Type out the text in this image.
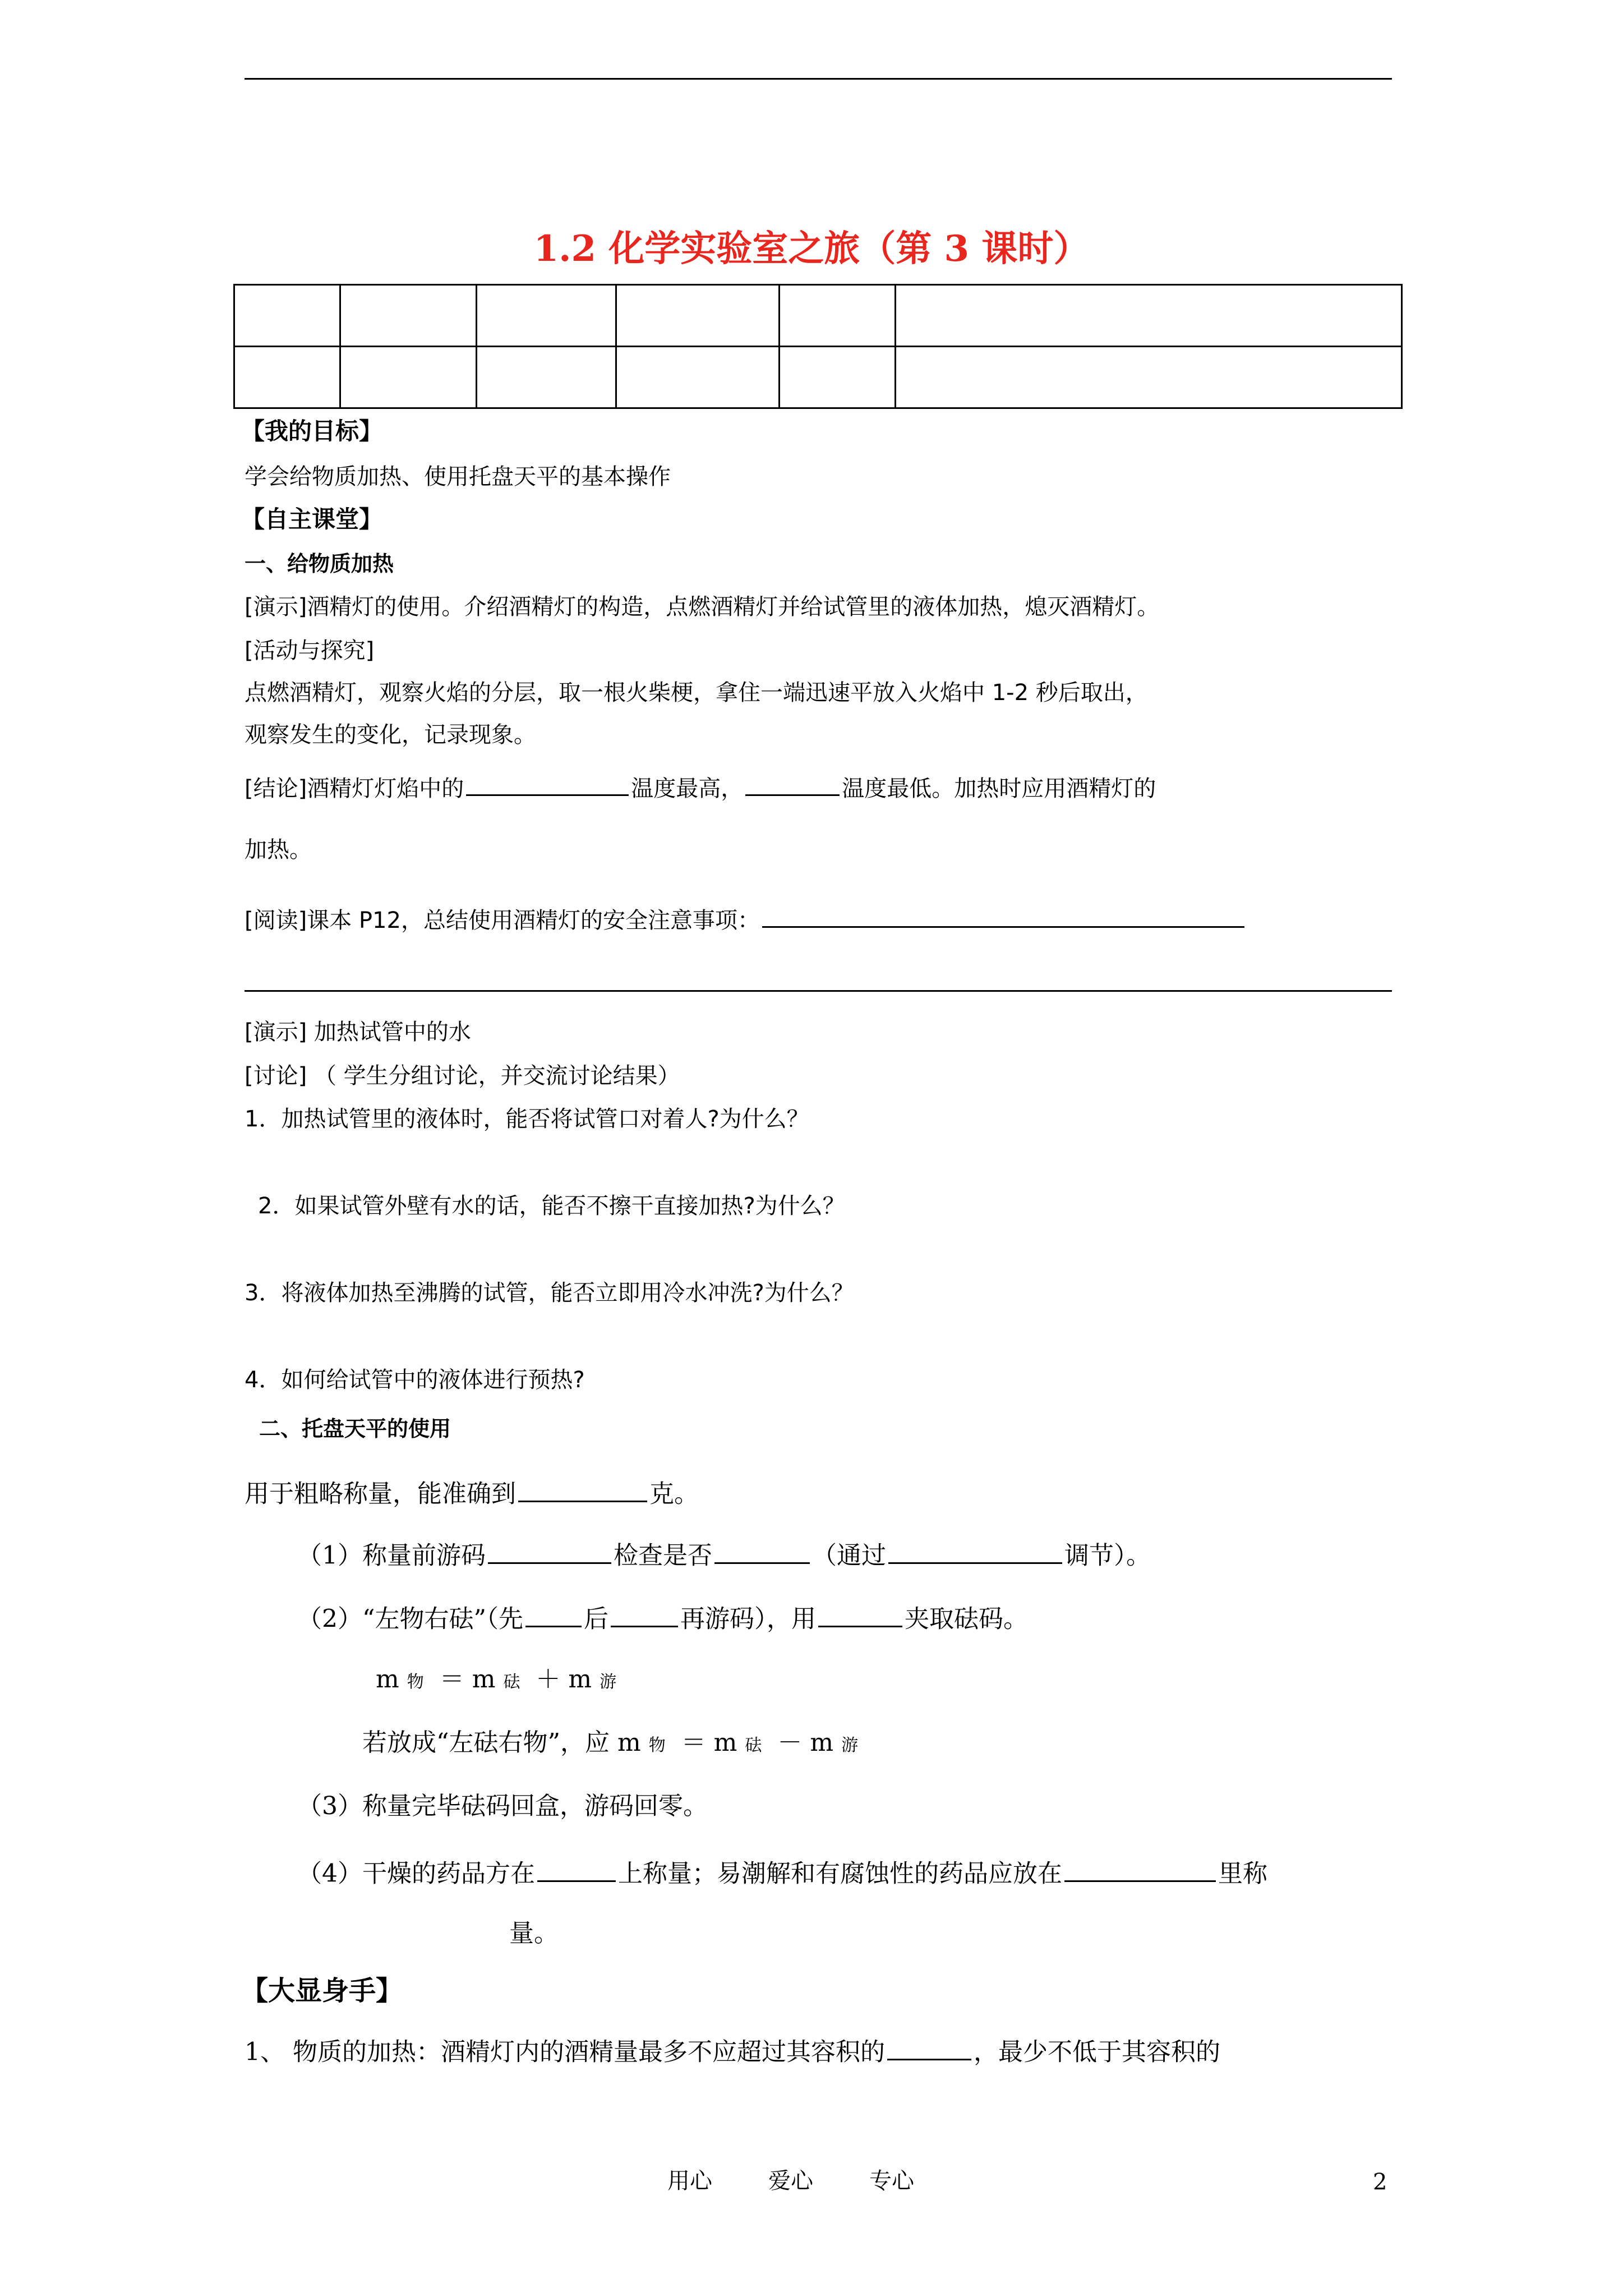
1.2 化学实验室之旅（第 3 课时）

【我的目标】
学会给物质加热、使用托盘天平的基本操作
【自主课堂】
一、给物质加热
[演示]酒精灯的使用。介绍酒精灯的构造，点燃酒精灯并给试管里的液体加热，熄灭酒精灯。
[活动与探究]
点燃酒精灯，观察火焰的分层，取一根火柴梗，拿住一端迅速平放入火焰中 1-2 秒后取出，
观察发生的变化，记录现象。
[结论]酒精灯灯焰中的	温度最高，	温度最低。加热时应用酒精灯的
加热。
[阅读]课本 P12，总结使用酒精灯的安全注意事项：
[演示] 加热试管中的水
[讨论] （ 学生分组讨论，并交流讨论结果）
1．加热试管里的液体时，能否将试管口对着人?为什么？
2．如果试管外壁有水的话，能否不擦干直接加热?为什么？
3．将液体加热至沸腾的试管，能否立即用冷水冲洗?为什么？
4．如何给试管中的液体进行预热?
二、托盘天平的使用
用于粗略称量，能准确到	克。
（1）称量前游码	检查是否	（通过	调节）。
（2）“左物右砝”（先 后	再游码），用	夹取砝码。
m 物 ＝ m 砝 ＋ m 游
若放成“左砝右物”，应 m 物 ＝ m 砝 － m 游
（3）称量完毕砝码回盒，游码回零。
（4）干燥的药品方在	上称量；易潮解和有腐蚀性的药品应放在	里称
量。
【大显身手】
1、 物质的加热：酒精灯内的酒精量最多不应超过其容积的	，最少不低于其容积的
用心	爱心	专心	2
